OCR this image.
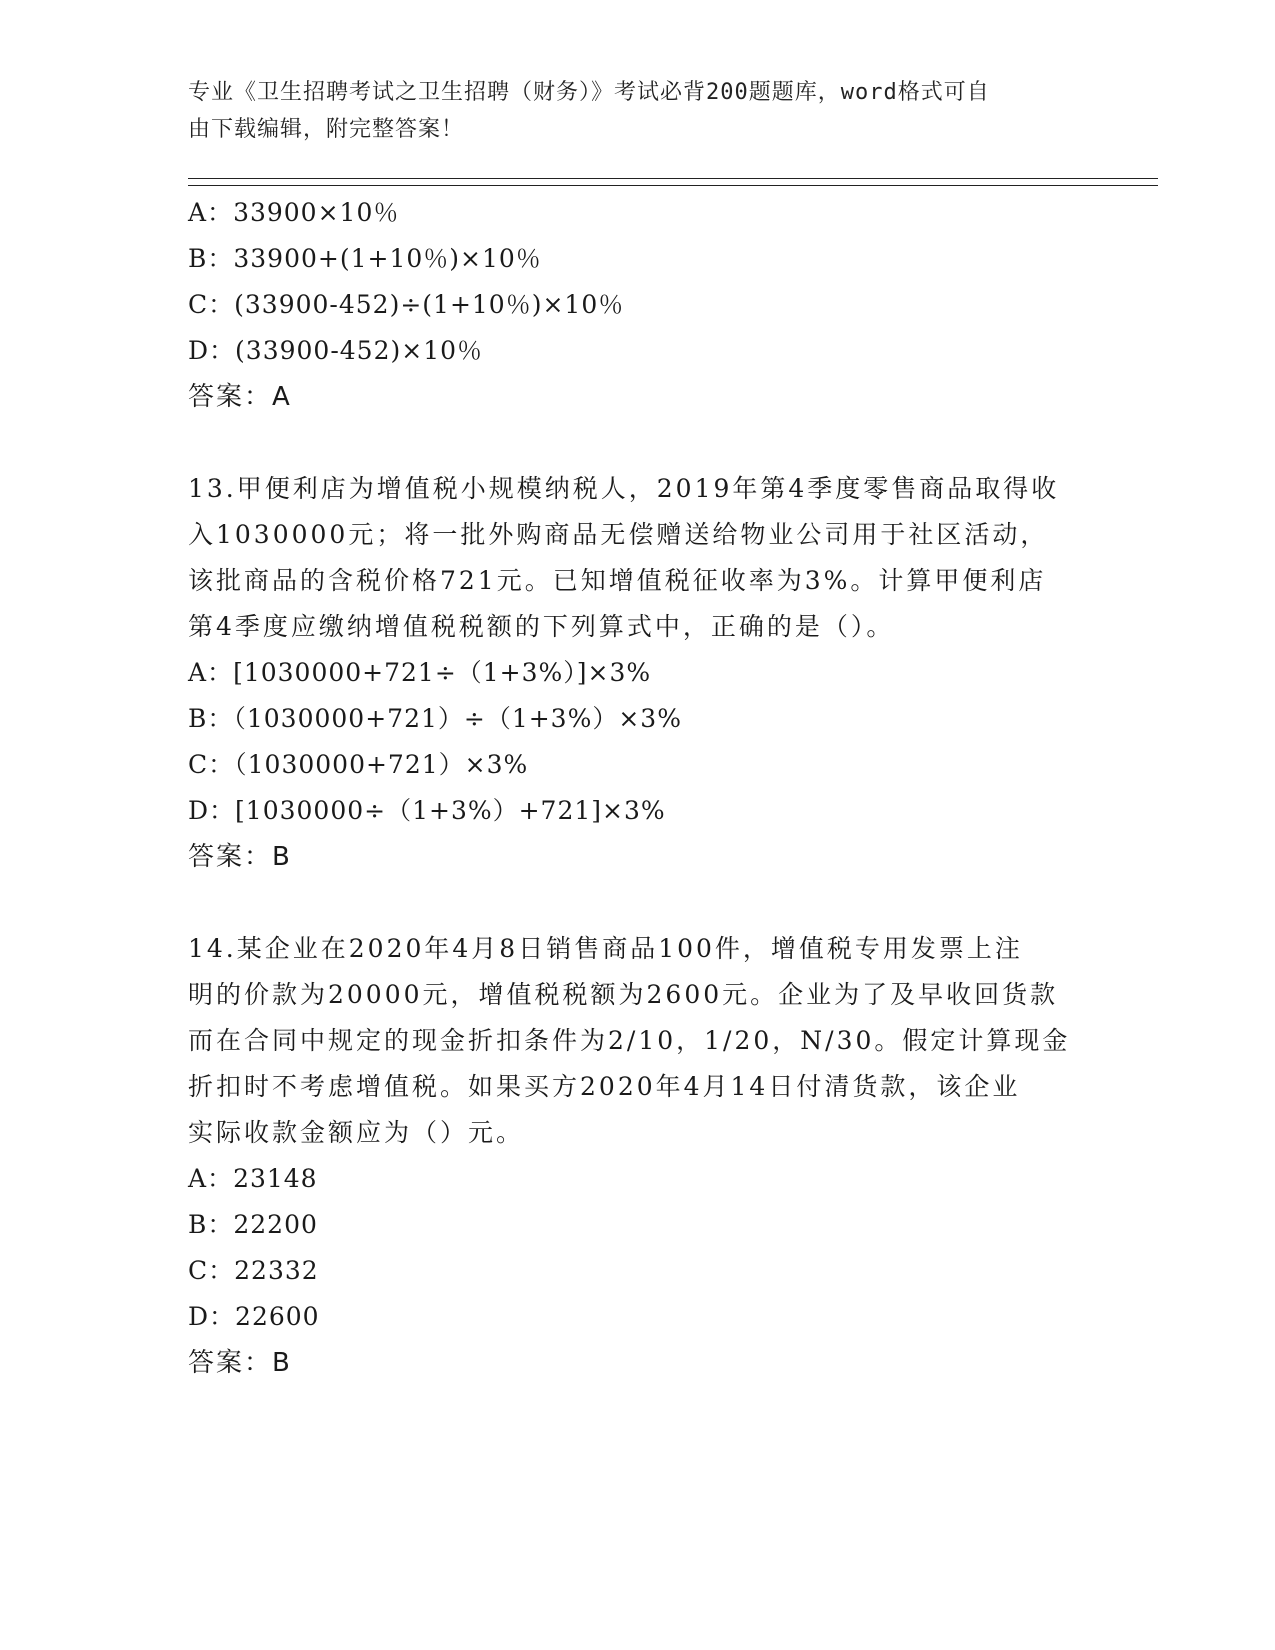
专业《卫生招聘考试之卫生招聘（财务）》考试必背200题题库，word格式可自
由下载编辑，附完整答案！
A：33900×10％
B：33900+(1+10％)×10％
C：(33900-452)÷(1+10％)×10％
D：(33900-452)×10％
答案：A
13.甲便利店为增值税小规模纳税人，2019年第4季度零售商品取得收
入1030000元；将一批外购商品无偿赠送给物业公司用于社区活动，
该批商品的含税价格721元。已知增值税征收率为3%。计算甲便利店
第4季度应缴纳增值税税额的下列算式中，正确的是（）。
A：[1030000+721÷（1+3%）]×3%
B：（1030000+721）÷（1+3%）×3%
C：（1030000+721）×3%
D：[1030000÷（1+3%）+721]×3%
答案：B
14.某企业在2020年4月8日销售商品100件，增值税专用发票上注
明的价款为20000元，增值税税额为2600元。企业为了及早收回货款
而在合同中规定的现金折扣条件为2/10，1/20，N/30。假定计算现金
折扣时不考虑增值税。如果买方2020年4月14日付清货款，该企业
实际收款金额应为（）元。
A：23148
B：22200
C：22332
D：22600
答案：B
